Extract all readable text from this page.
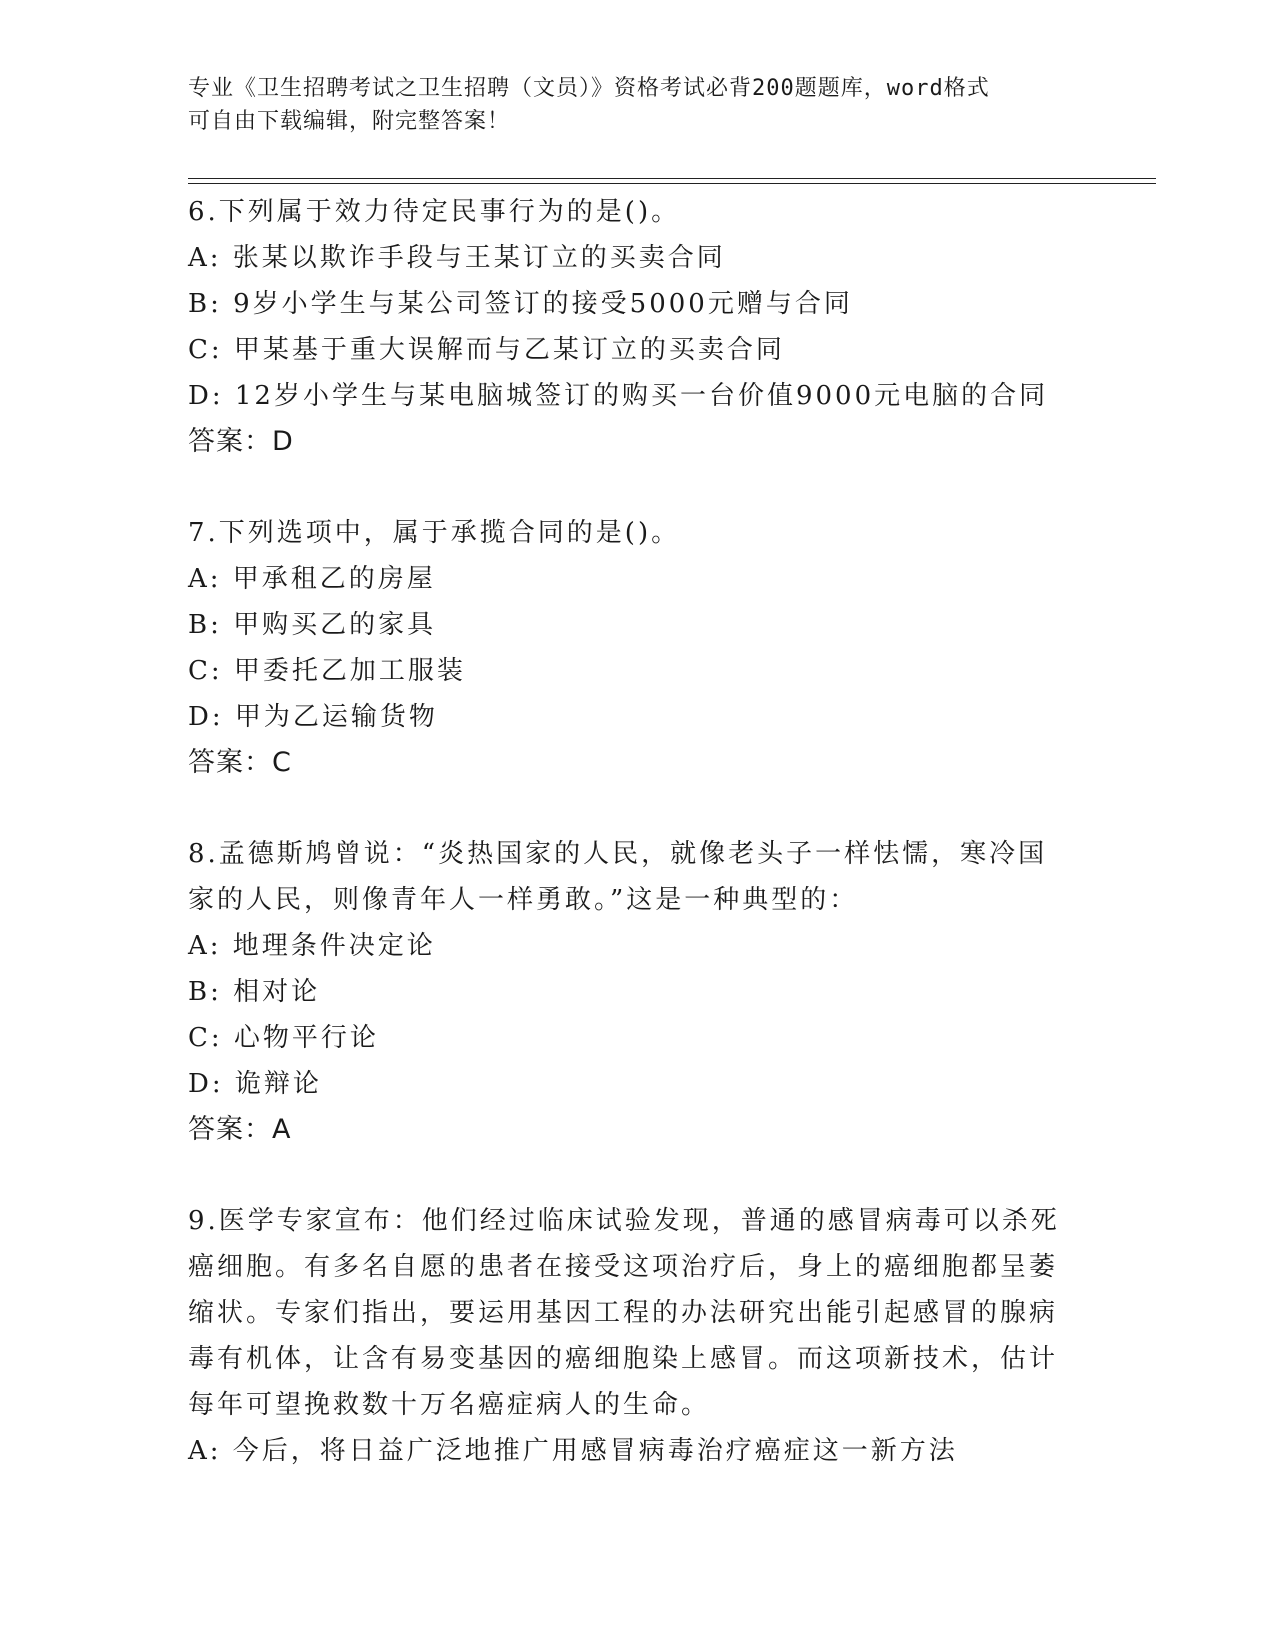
专业《卫生招聘考试之卫生招聘（文员）》资格考试必背200题题库，word格式
可自由下载编辑，附完整答案！
6.下列属于效力待定民事行为的是()。
A: 张某以欺诈手段与王某订立的买卖合同
B: 9岁小学生与某公司签订的接受5000元赠与合同
C: 甲某基于重大误解而与乙某订立的买卖合同
D: 12岁小学生与某电脑城签订的购买一台价值9000元电脑的合同
答案：D
7.下列选项中，属于承揽合同的是()。
A: 甲承租乙的房屋
B: 甲购买乙的家具
C: 甲委托乙加工服装
D: 甲为乙运输货物
答案：C
8.孟德斯鸠曾说：“炎热国家的人民，就像老头子一样怯懦，寒冷国
家的人民，则像青年人一样勇敢。”这是一种典型的：
A: 地理条件决定论
B: 相对论
C: 心物平行论
D: 诡辩论
答案：A
9.医学专家宣布：他们经过临床试验发现，普通的感冒病毒可以杀死
癌细胞。有多名自愿的患者在接受这项治疗后，身上的癌细胞都呈萎
缩状。专家们指出，要运用基因工程的办法研究出能引起感冒的腺病
毒有机体，让含有易变基因的癌细胞染上感冒。而这项新技术，估计
每年可望挽救数十万名癌症病人的生命。
A: 今后，将日益广泛地推广用感冒病毒治疗癌症这一新方法
